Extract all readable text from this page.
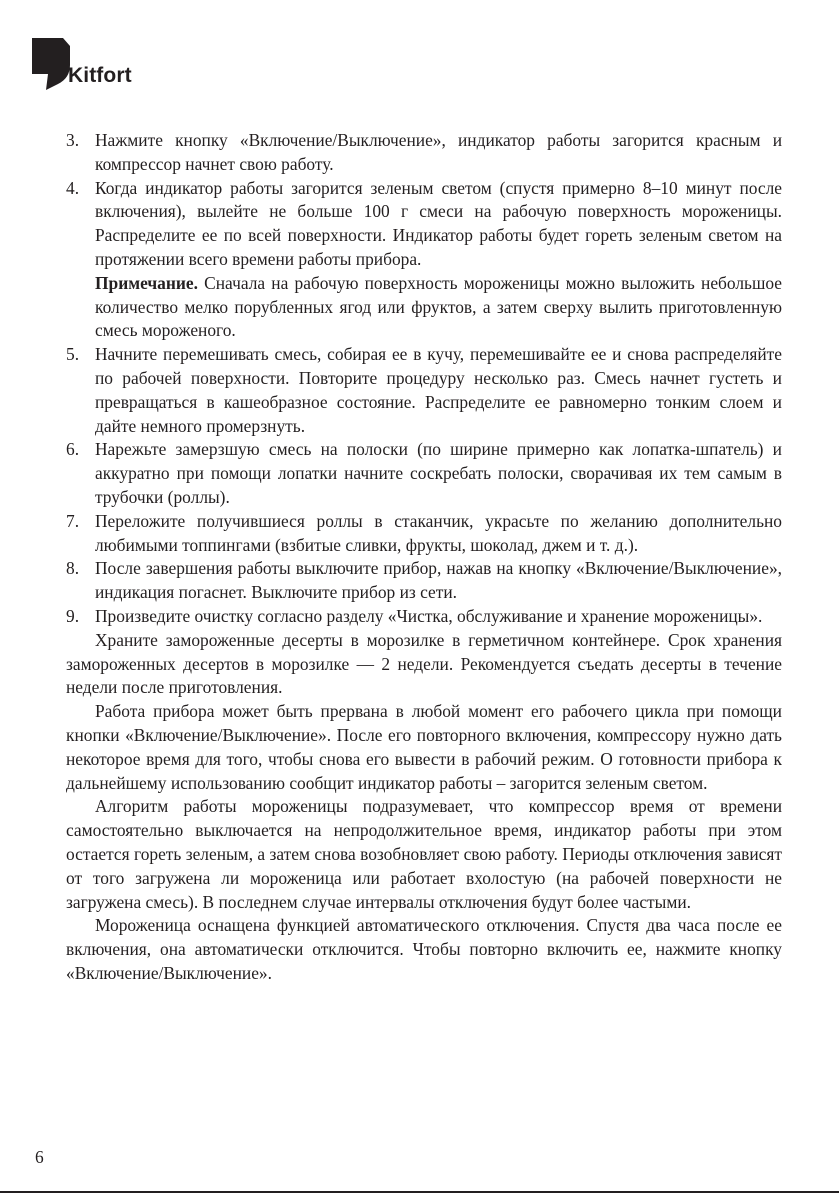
Kitfort
3. Нажмите кнопку «Включение/Выключение», индикатор работы загорится красным и компрессор начнет свою работу.
4. Когда индикатор работы загорится зеленым светом (спустя примерно 8–10 минут после включения), вылейте не больше 100 г смеси на рабочую поверхность мороженицы. Распределите ее по всей поверхности. Индикатор работы будет гореть зеленым светом на протяжении всего времени работы прибора.
Примечание. Сначала на рабочую поверхность мороженицы можно выложить небольшое количество мелко порубленных ягод или фруктов, а затем сверху вылить приготовленную смесь мороженого.
5. Начните перемешивать смесь, собирая ее в кучу, перемешивайте ее и снова распределяйте по рабочей поверхности. Повторите процедуру несколько раз. Смесь начнет густеть и превращаться в кашеобразное состояние. Распределите ее равномерно тонким слоем и дайте немного промерзнуть.
6. Нарежьте замерзшую смесь на полоски (по ширине примерно как лопатка-шпатель) и аккуратно при помощи лопатки начните соскребать полоски, сворачивая их тем самым в трубочки (роллы).
7. Переложите получившиеся роллы в стаканчик, украсьте по желанию дополнительно любимыми топпингами (взбитые сливки, фрукты, шоколад, джем и т. д.).
8. После завершения работы выключите прибор, нажав на кнопку «Включение/Выключение», индикация погаснет. Выключите прибор из сети.
9. Произведите очистку согласно разделу «Чистка, обслуживание и хранение мороженицы».

Храните замороженные десерты в морозилке в герметичном контейнере. Срок хранения замороженных десертов в морозилке — 2 недели. Рекомендуется съедать десерты в течение недели после приготовления.

Работа прибора может быть прервана в любой момент его рабочего цикла при помощи кнопки «Включение/Выключение». После его повторного включения, компрессору нужно дать некоторое время для того, чтобы снова его вывести в рабочий режим. О готовности прибора к дальнейшему использованию сообщит индикатор работы – загорится зеленым светом.

Алгоритм работы мороженицы подразумевает, что компрессор время от времени самостоятельно выключается на непродолжительное время, индикатор работы при этом остается гореть зеленым, а затем снова возобновляет свою работу. Периоды отключения зависят от того загружена ли мороженица или работает вхолостую (на рабочей поверхности не загружена смесь). В последнем случае интервалы отключения будут более частыми.

Мороженица оснащена функцией автоматического отключения. Спустя два часа после ее включения, она автоматически отключится. Чтобы повторно включить ее, нажмите кнопку «Включение/Выключение».

6
